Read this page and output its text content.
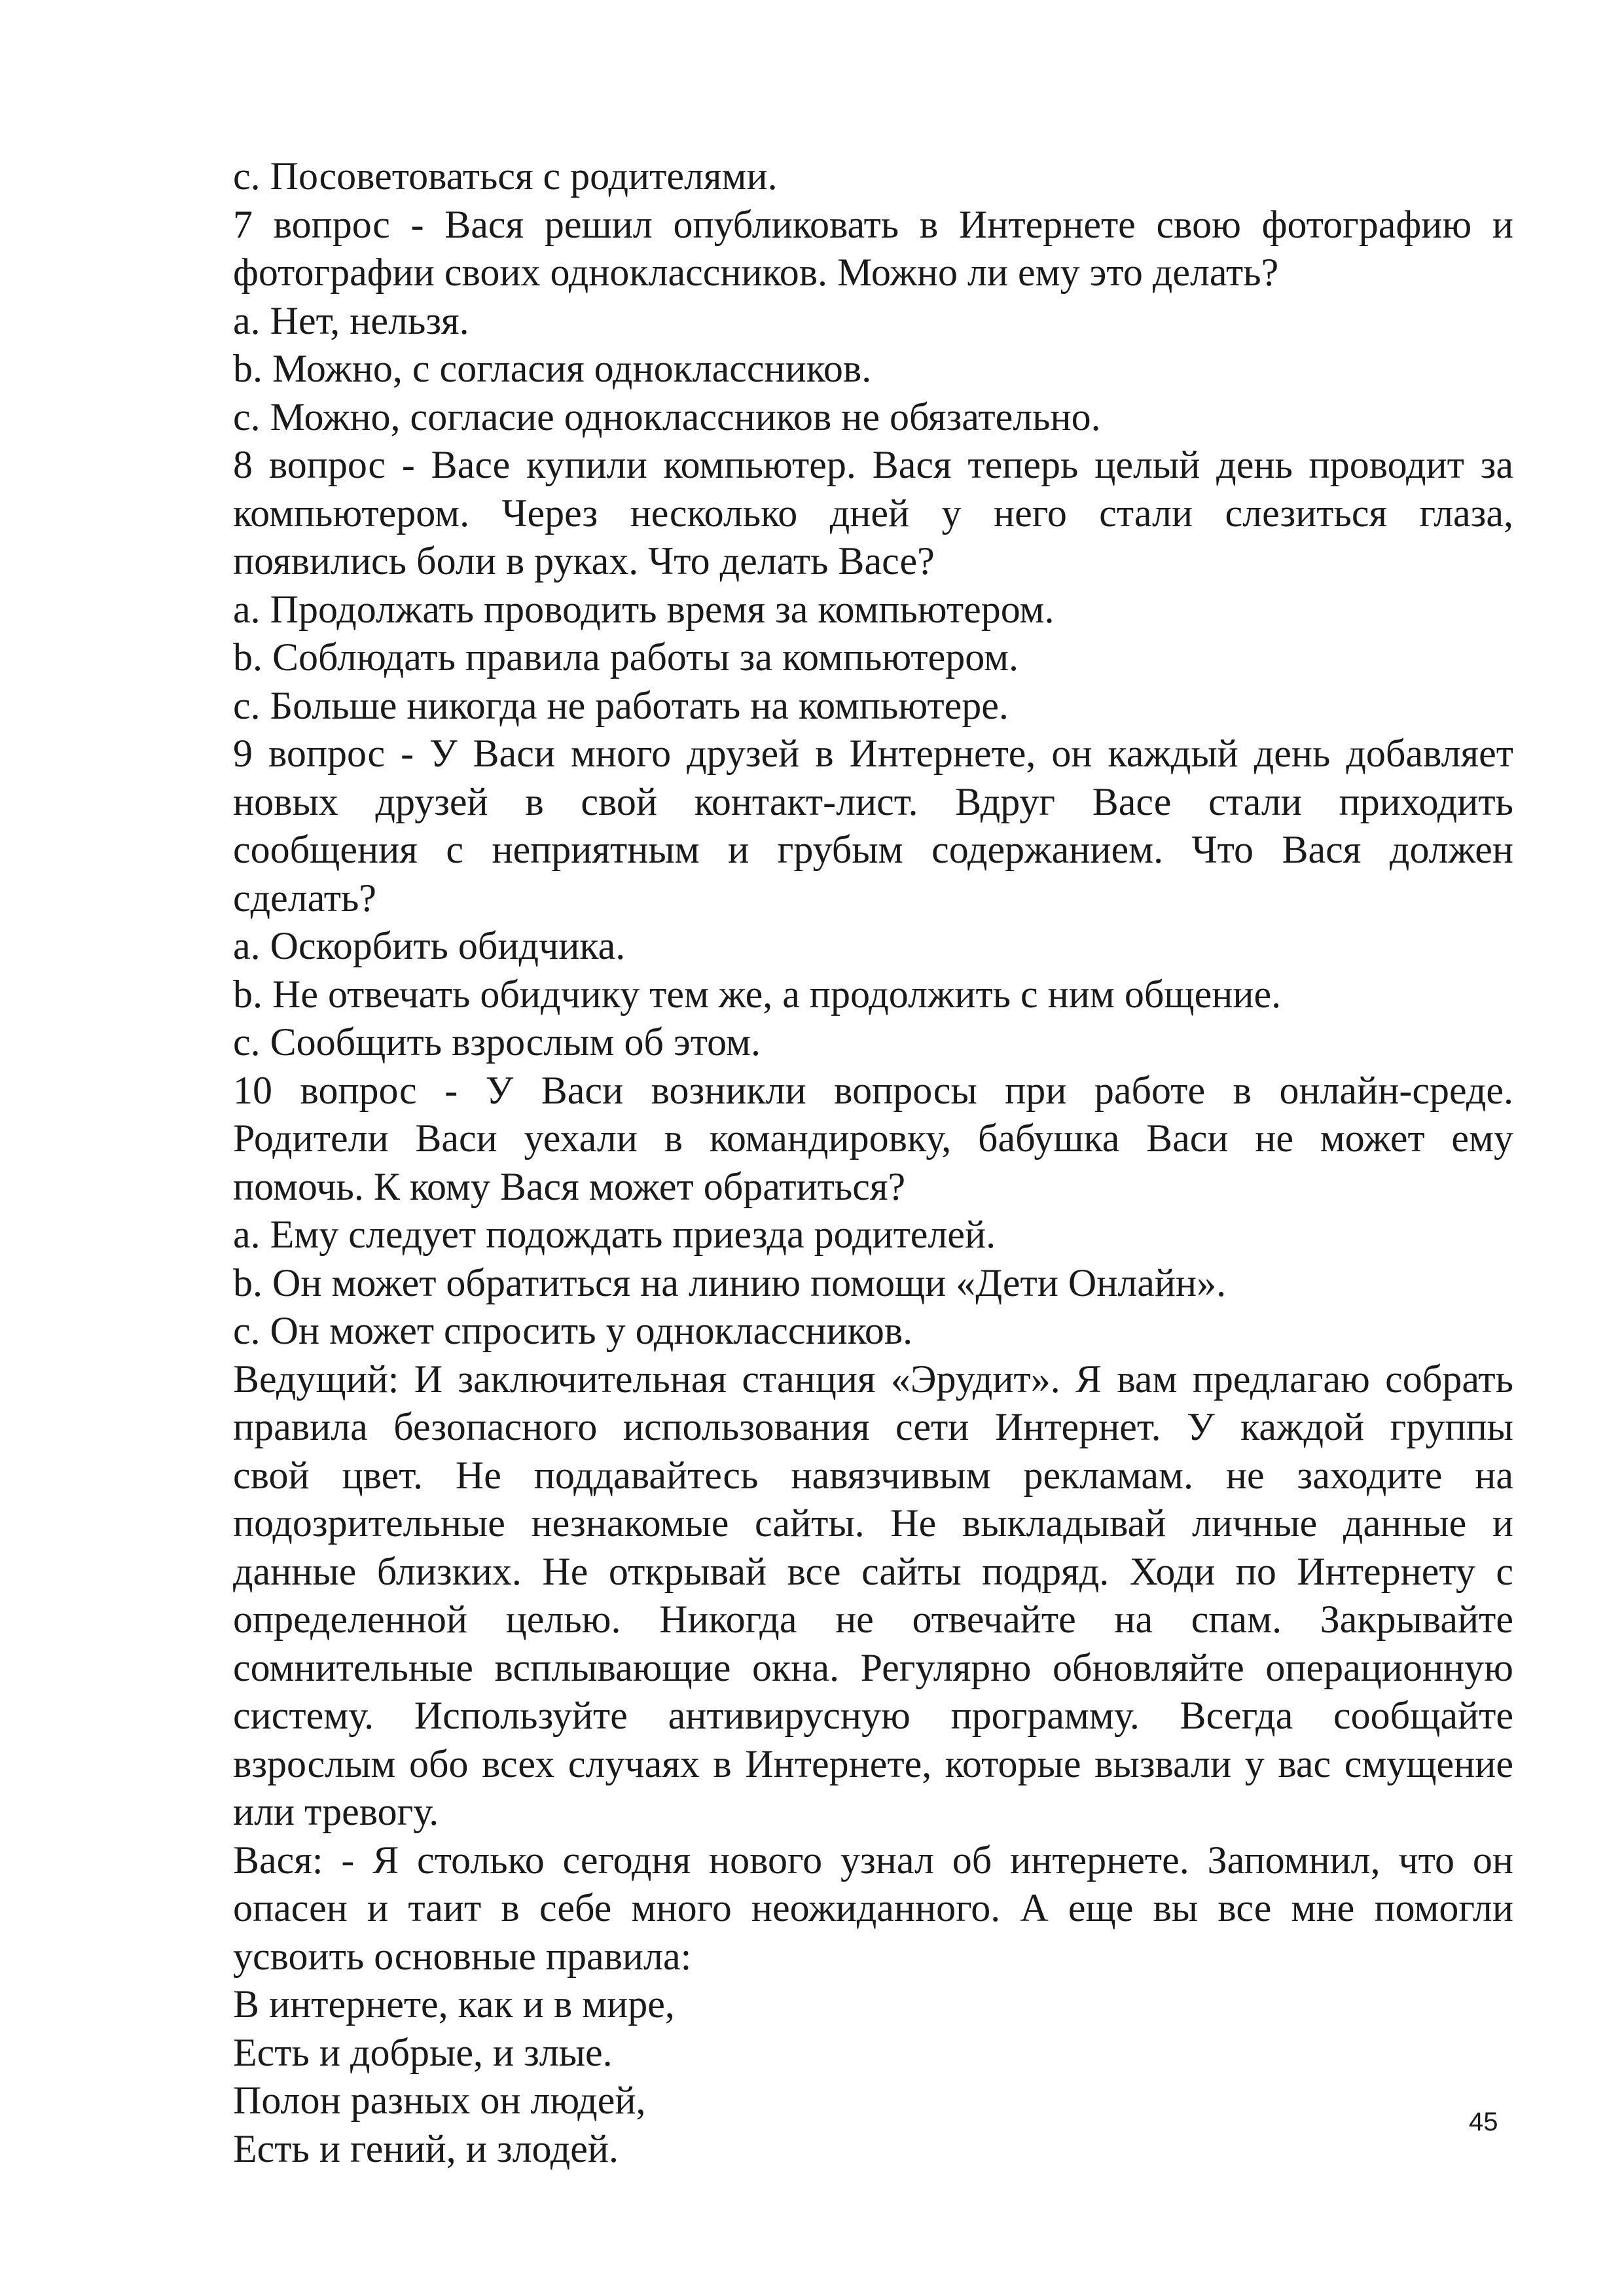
c. Посоветоваться с родителями.
7 вопрос - Вася решил опубликовать в Интернете свою фотографию и
фотографии своих одноклассников. Можно ли ему это делать?
a. Нет, нельзя.
b. Можно, с согласия одноклассников.
c. Можно, согласие одноклассников не обязательно.
8 вопрос - Васе купили компьютер. Вася теперь целый день проводит за
компьютером. Через несколько дней у него стали слезиться глаза,
появились боли в руках. Что делать Васе?
a. Продолжать проводить время за компьютером.
b. Соблюдать правила работы за компьютером.
c. Больше никогда не работать на компьютере.
9 вопрос - У Васи много друзей в Интернете, он каждый день добавляет
новых друзей в свой контакт-лист. Вдруг Васе стали приходить
сообщения с неприятным и грубым содержанием. Что Вася должен
сделать?
a. Оскорбить обидчика.
b. Не отвечать обидчику тем же, а продолжить с ним общение.
c. Сообщить взрослым об этом.
10 вопрос - У Васи возникли вопросы при работе в онлайн-среде.
Родители Васи уехали в командировку, бабушка Васи не может ему
помочь. К кому Вася может обратиться?
a. Ему следует подождать приезда родителей.
b. Он может обратиться на линию помощи «Дети Онлайн».
c. Он может спросить у одноклассников.
Ведущий: И заключительная станция «Эрудит». Я вам предлагаю собрать
правила безопасного использования сети Интернет. У каждой группы
свой цвет. Не поддавайтесь навязчивым рекламам. не заходите на
подозрительные незнакомые сайты. Не выкладывай личные данные и
данные близких. Не открывай все сайты подряд. Ходи по Интернету с
определенной целью. Никогда не отвечайте на спам. Закрывайте
сомнительные всплывающие окна. Регулярно обновляйте операционную
систему. Используйте антивирусную программу. Всегда сообщайте
взрослым обо всех случаях в Интернете, которые вызвали у вас смущение
или тревогу.
Вася: - Я столько сегодня нового узнал об интернете. Запомнил, что он
опасен и таит в себе много неожиданного. А еще вы все мне помогли
усвоить основные правила:
В интернете, как и в мире,
Есть и добрые, и злые.
Полон разных он людей,
Есть и гений, и злодей.
45
